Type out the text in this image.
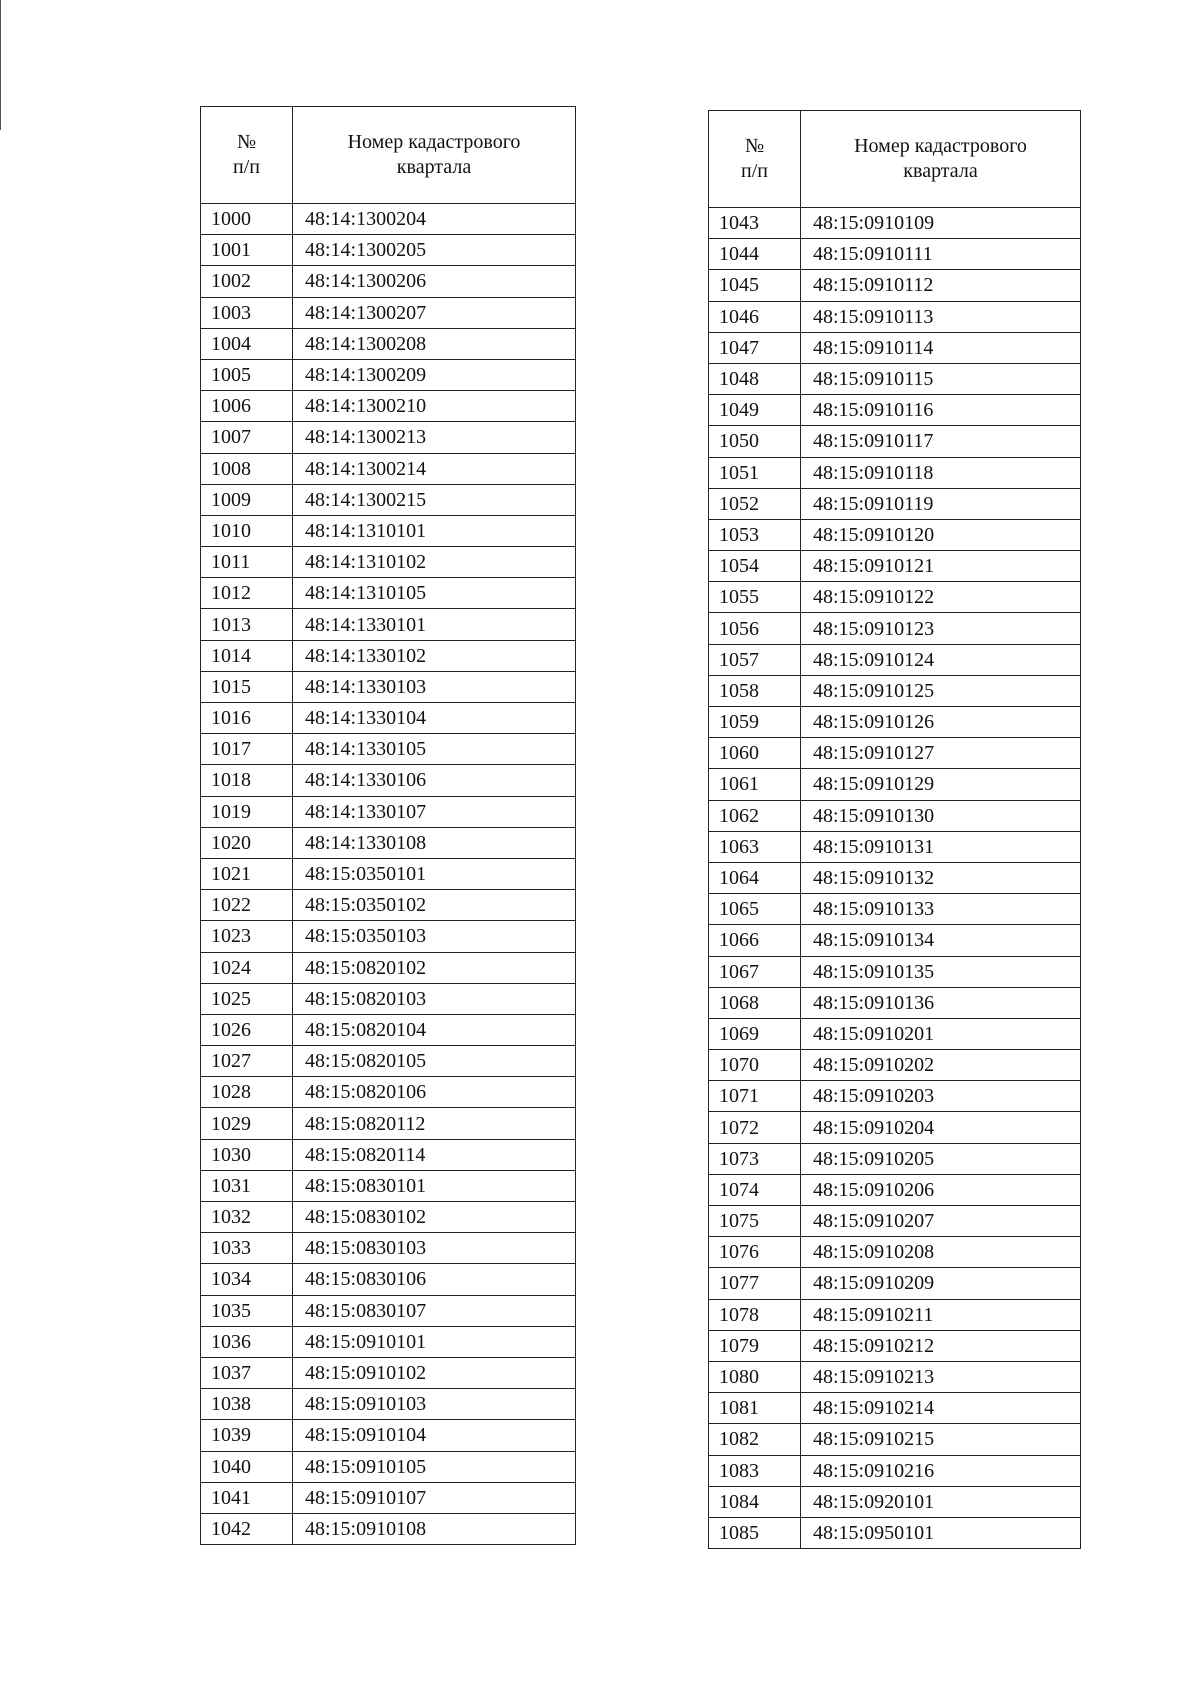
№
п/п	Номер кадастрового
квартала
1000	48:14:1300204
1001	48:14:1300205
1002	48:14:1300206
1003	48:14:1300207
1004	48:14:1300208
1005	48:14:1300209
1006	48:14:1300210
1007	48:14:1300213
1008	48:14:1300214
1009	48:14:1300215
1010	48:14:1310101
1011	48:14:1310102
1012	48:14:1310105
1013	48:14:1330101
1014	48:14:1330102
1015	48:14:1330103
1016	48:14:1330104
1017	48:14:1330105
1018	48:14:1330106
1019	48:14:1330107
1020	48:14:1330108
1021	48:15:0350101
1022	48:15:0350102
1023	48:15:0350103
1024	48:15:0820102
1025	48:15:0820103
1026	48:15:0820104
1027	48:15:0820105
1028	48:15:0820106
1029	48:15:0820112
1030	48:15:0820114
1031	48:15:0830101
1032	48:15:0830102
1033	48:15:0830103
1034	48:15:0830106
1035	48:15:0830107
1036	48:15:0910101
1037	48:15:0910102
1038	48:15:0910103
1039	48:15:0910104
1040	48:15:0910105
1041	48:15:0910107
1042	48:15:0910108
№
п/п	Номер кадастрового
квартала
1043	48:15:0910109
1044	48:15:0910111
1045	48:15:0910112
1046	48:15:0910113
1047	48:15:0910114
1048	48:15:0910115
1049	48:15:0910116
1050	48:15:0910117
1051	48:15:0910118
1052	48:15:0910119
1053	48:15:0910120
1054	48:15:0910121
1055	48:15:0910122
1056	48:15:0910123
1057	48:15:0910124
1058	48:15:0910125
1059	48:15:0910126
1060	48:15:0910127
1061	48:15:0910129
1062	48:15:0910130
1063	48:15:0910131
1064	48:15:0910132
1065	48:15:0910133
1066	48:15:0910134
1067	48:15:0910135
1068	48:15:0910136
1069	48:15:0910201
1070	48:15:0910202
1071	48:15:0910203
1072	48:15:0910204
1073	48:15:0910205
1074	48:15:0910206
1075	48:15:0910207
1076	48:15:0910208
1077	48:15:0910209
1078	48:15:0910211
1079	48:15:0910212
1080	48:15:0910213
1081	48:15:0910214
1082	48:15:0910215
1083	48:15:0910216
1084	48:15:0920101
1085	48:15:0950101
